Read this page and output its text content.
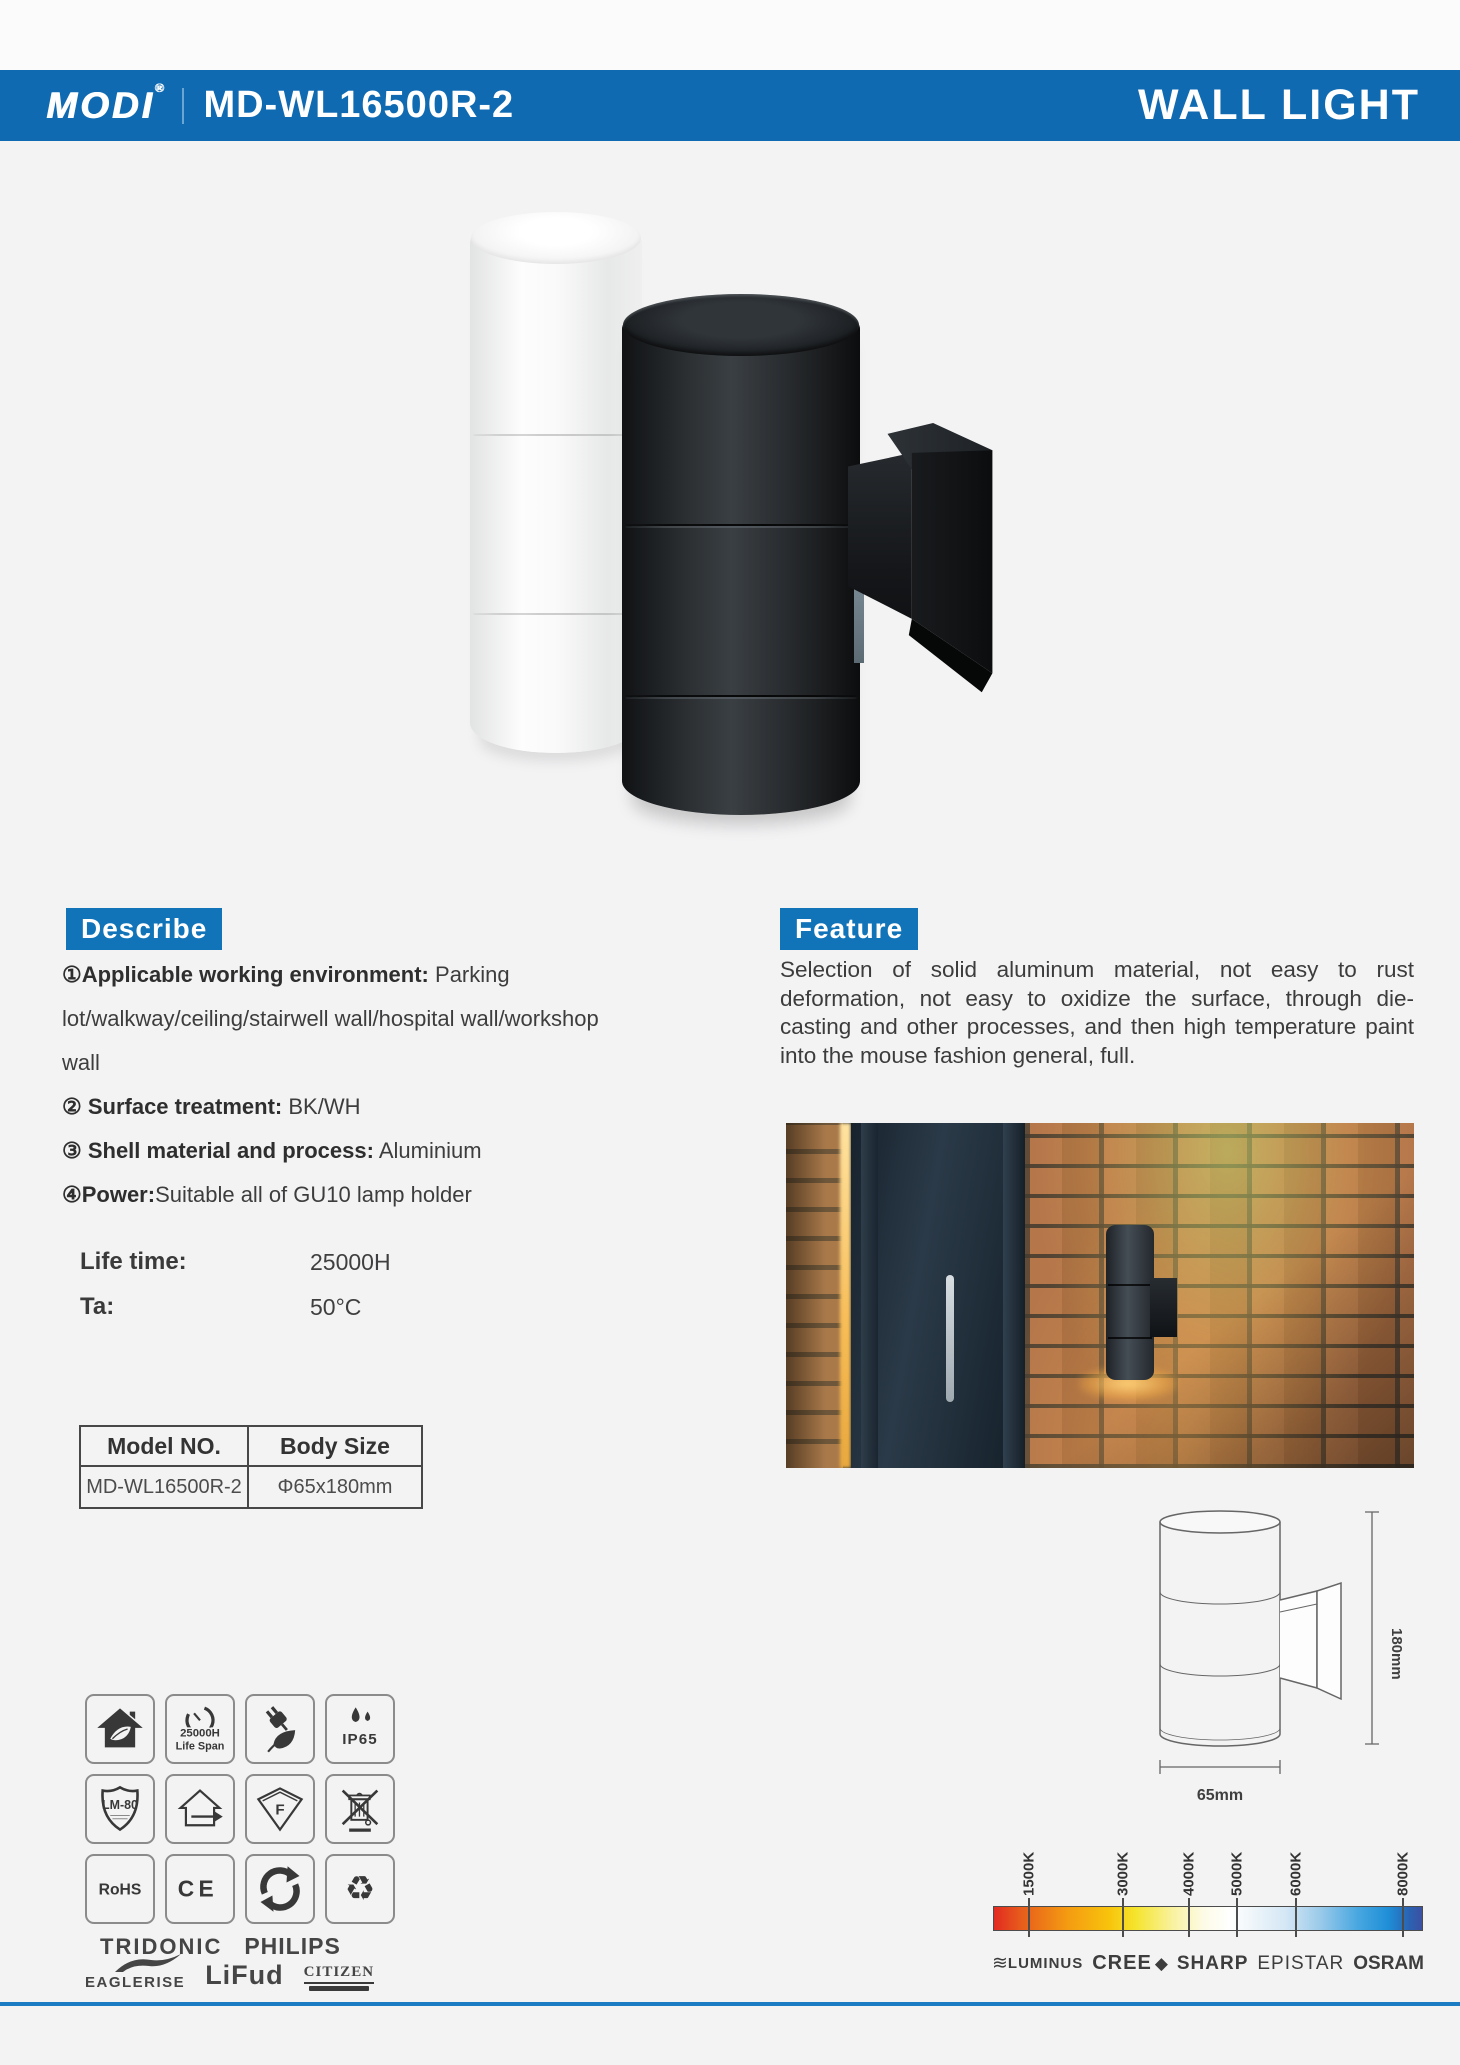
MODI® MD-WL16500R-2	WALL LIGHT
Describe
①Applicable working environment: Parking lot/walkway/ceiling/stairwell wall/hospital wall/workshop wall
② Surface treatment: BK/WH
③ Shell material and process: Aluminium
④Power:Suitable all of GU10 lamp holder
Feature
Selection of solid aluminum material, not easy to rust deformation, not easy to oxidize the surface, through die-casting and other processes, and then high temperature paint into the mouse fashion general, full.
Life time:	25000H
Ta:	50°C
Model NO.	Body Size
MD-WL16500R-2	Φ65x180mm
25000H
Life Span	IP65
LM-80	F
RoHS CE	♻
TRIDONIC PHILIPS
EAGLERISE LiFud CITIZEN
180mm
65mm
1500K	3000K	4000K 5000K	6000K	8000K
≋ LUMINUS CREE ◆ SHARP EPISTAR OSRAM
